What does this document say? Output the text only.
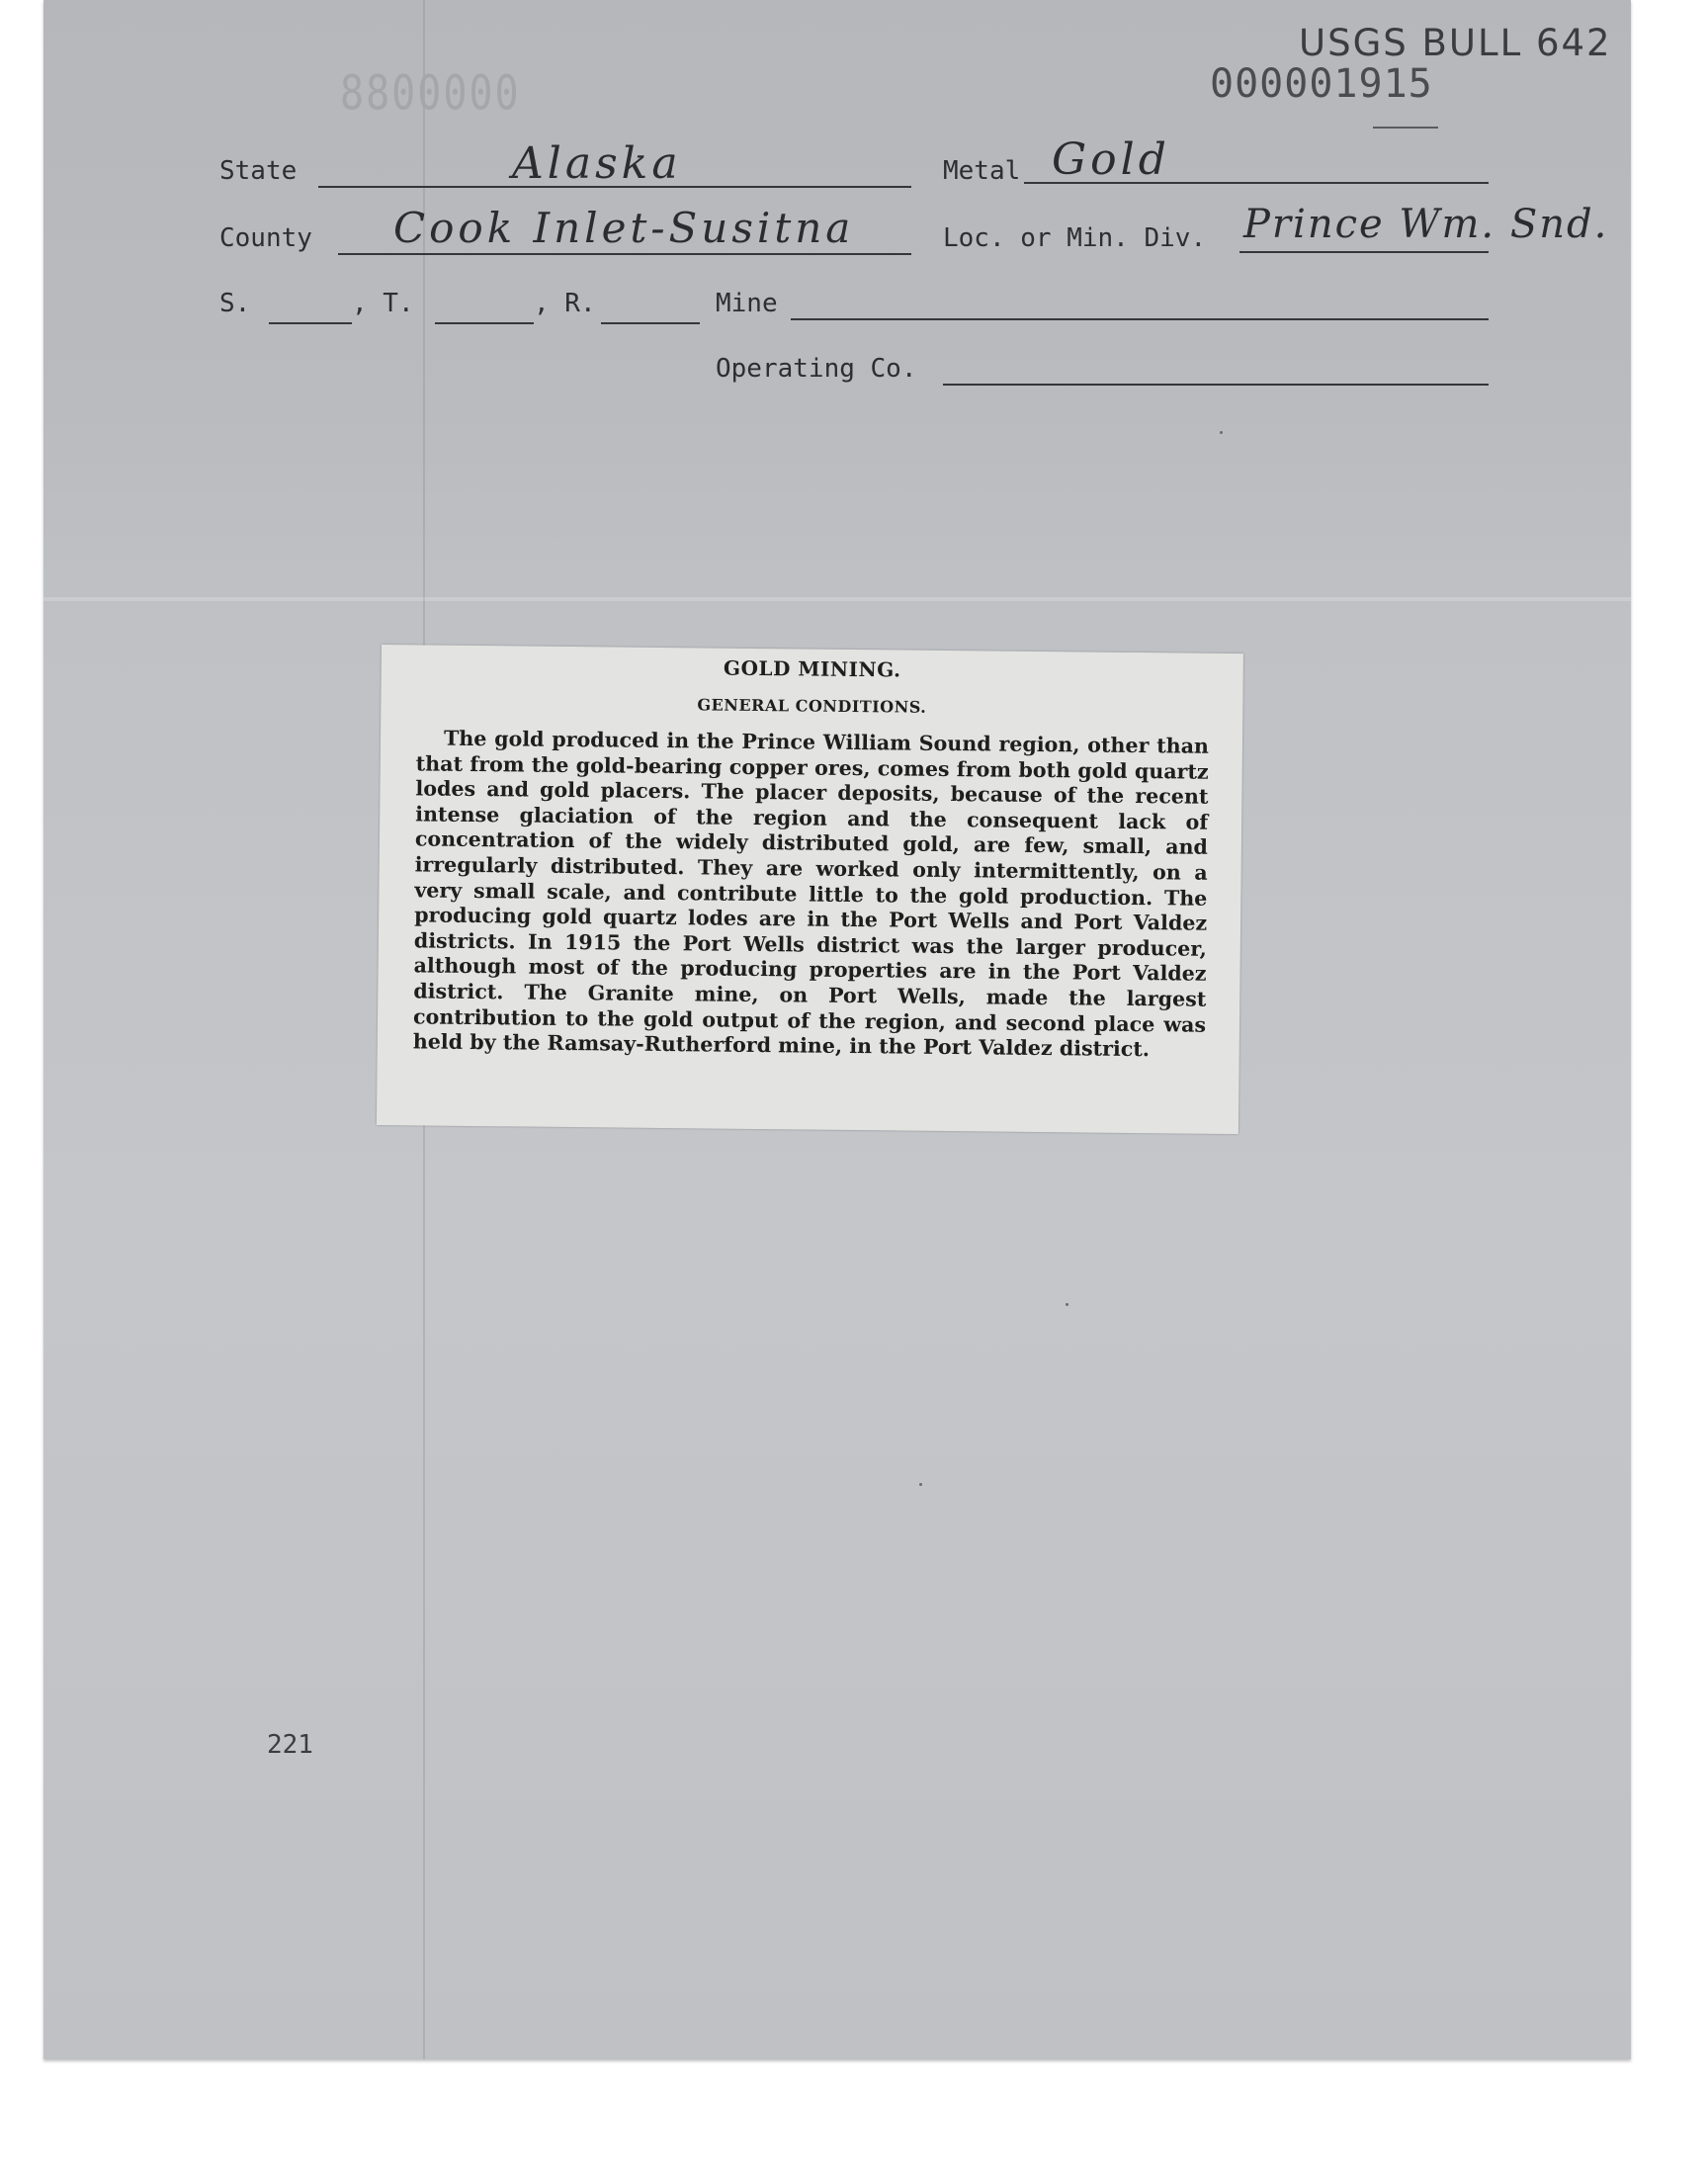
8800000
USGS BULL 642
000001915
State	Alaska	Metal Gold
County Cook Inlet-Susitna	Loc. or Min. Div. Prince Wm. Snd.
S.	, T.	, R.	Mine
Operating Co.
221
GOLD MINING.
GENERAL CONDITIONS.
The gold produced in the Prince William Sound region, other than that from the gold-bearing copper ores, comes from both gold quartz lodes and gold placers. The placer deposits, because of the recent intense glaciation of the region and the consequent lack of concentration of the widely distributed gold, are few, small, and irregularly distributed. They are worked only intermittently, on a very small scale, and contribute little to the gold production. The producing gold quartz lodes are in the Port Wells and Port Valdez districts. In 1915 the Port Wells district was the larger producer, although most of the producing properties are in the Port Valdez district. The Granite mine, on Port Wells, made the largest contribution to the gold output of the region, and second place was held by the Ramsay-Rutherford mine, in the Port Valdez district.
